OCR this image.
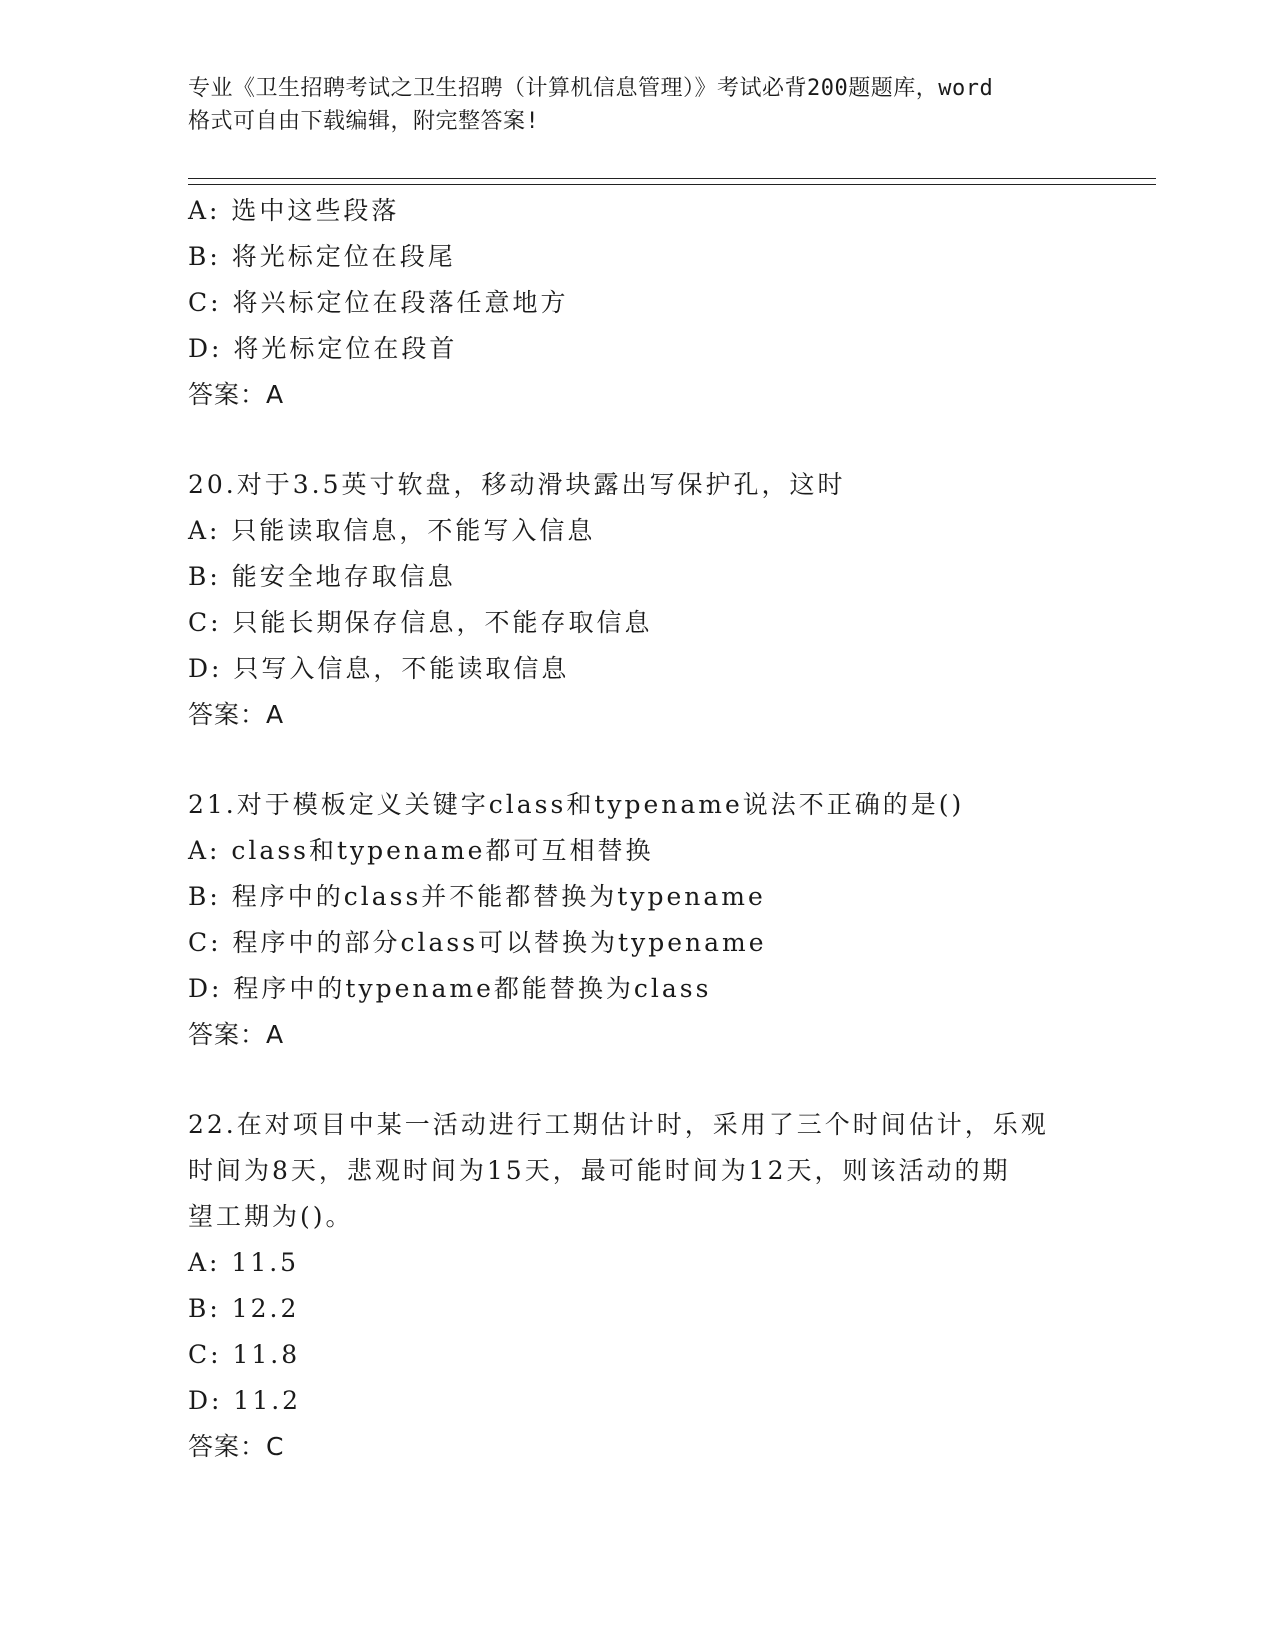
专业《卫生招聘考试之卫生招聘（计算机信息管理）》考试必背200题题库，word
格式可自由下载编辑，附完整答案!
A: 选中这些段落
B: 将光标定位在段尾
C: 将兴标定位在段落任意地方
D: 将光标定位在段首
答案：A
20.对于3.5英寸软盘，移动滑块露出写保护孔，这时
A: 只能读取信息，不能写入信息
B: 能安全地存取信息
C: 只能长期保存信息，不能存取信息
D: 只写入信息，不能读取信息
答案：A
21.对于模板定义关键字class和typename说法不正确的是()
A: class和typename都可互相替换
B: 程序中的class并不能都替换为typename
C: 程序中的部分class可以替换为typename
D: 程序中的typename都能替换为class
答案：A
22.在对项目中某一活动进行工期估计时，采用了三个时间估计，乐观
时间为8天，悲观时间为15天，最可能时间为12天，则该活动的期
望工期为()。
A: 11.5
B: 12.2
C: 11.8
D: 11.2
答案：C
